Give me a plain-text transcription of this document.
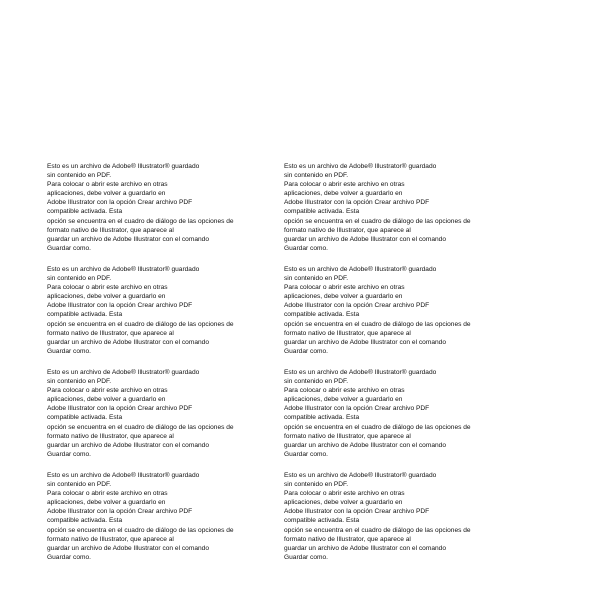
Esto es un archivo de Adobe® Illustrator® guardado
sin contenido en PDF.
Para colocar o abrir este archivo en otras
aplicaciones, debe volver a guardarlo en
Adobe Illustrator con la opción Crear archivo PDF
compatible activada. Esta
opción se encuentra en el cuadro de diálogo de las opciones de
formato nativo de Illustrator, que aparece al
guardar un archivo de Adobe Illustrator con el comando
Guardar como.
Esto es un archivo de Adobe® Illustrator® guardado
sin contenido en PDF.
Para colocar o abrir este archivo en otras
aplicaciones, debe volver a guardarlo en
Adobe Illustrator con la opción Crear archivo PDF
compatible activada. Esta
opción se encuentra en el cuadro de diálogo de las opciones de
formato nativo de Illustrator, que aparece al
guardar un archivo de Adobe Illustrator con el comando
Guardar como.
Esto es un archivo de Adobe® Illustrator® guardado
sin contenido en PDF.
Para colocar o abrir este archivo en otras
aplicaciones, debe volver a guardarlo en
Adobe Illustrator con la opción Crear archivo PDF
compatible activada. Esta
opción se encuentra en el cuadro de diálogo de las opciones de
formato nativo de Illustrator, que aparece al
guardar un archivo de Adobe Illustrator con el comando
Guardar como.
Esto es un archivo de Adobe® Illustrator® guardado
sin contenido en PDF.
Para colocar o abrir este archivo en otras
aplicaciones, debe volver a guardarlo en
Adobe Illustrator con la opción Crear archivo PDF
compatible activada. Esta
opción se encuentra en el cuadro de diálogo de las opciones de
formato nativo de Illustrator, que aparece al
guardar un archivo de Adobe Illustrator con el comando
Guardar como.
Esto es un archivo de Adobe® Illustrator® guardado
sin contenido en PDF.
Para colocar o abrir este archivo en otras
aplicaciones, debe volver a guardarlo en
Adobe Illustrator con la opción Crear archivo PDF
compatible activada. Esta
opción se encuentra en el cuadro de diálogo de las opciones de
formato nativo de Illustrator, que aparece al
guardar un archivo de Adobe Illustrator con el comando
Guardar como.
Esto es un archivo de Adobe® Illustrator® guardado
sin contenido en PDF.
Para colocar o abrir este archivo en otras
aplicaciones, debe volver a guardarlo en
Adobe Illustrator con la opción Crear archivo PDF
compatible activada. Esta
opción se encuentra en el cuadro de diálogo de las opciones de
formato nativo de Illustrator, que aparece al
guardar un archivo de Adobe Illustrator con el comando
Guardar como.
Esto es un archivo de Adobe® Illustrator® guardado
sin contenido en PDF.
Para colocar o abrir este archivo en otras
aplicaciones, debe volver a guardarlo en
Adobe Illustrator con la opción Crear archivo PDF
compatible activada. Esta
opción se encuentra en el cuadro de diálogo de las opciones de
formato nativo de Illustrator, que aparece al
guardar un archivo de Adobe Illustrator con el comando
Guardar como.
Esto es un archivo de Adobe® Illustrator® guardado
sin contenido en PDF.
Para colocar o abrir este archivo en otras
aplicaciones, debe volver a guardarlo en
Adobe Illustrator con la opción Crear archivo PDF
compatible activada. Esta
opción se encuentra en el cuadro de diálogo de las opciones de
formato nativo de Illustrator, que aparece al
guardar un archivo de Adobe Illustrator con el comando
Guardar como.
